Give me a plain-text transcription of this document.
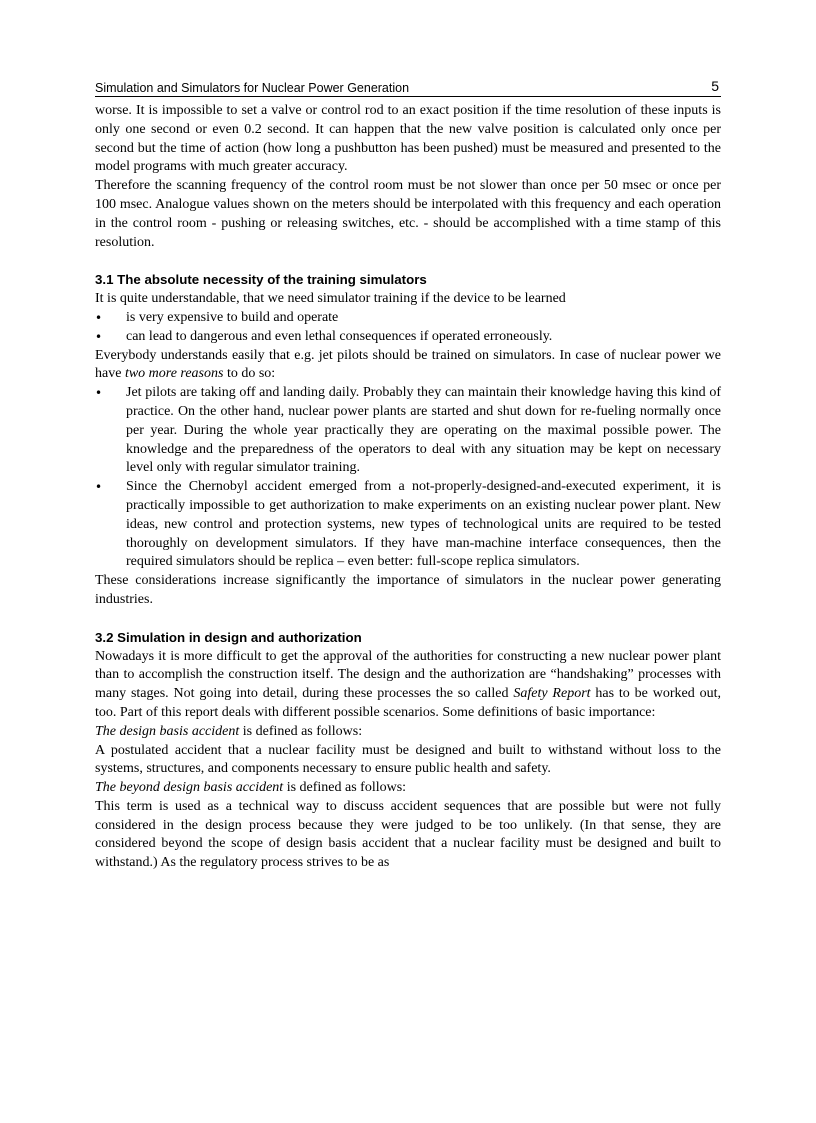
Simulation and Simulators for Nuclear Power Generation	5

worse. It is impossible to set a valve or control rod to an exact position if the time resolution of these inputs is only one second or even 0.2 second. It can happen that the new valve position is calculated only once per second but the time of action (how long a pushbutton has been pushed) must be measured and presented to the model programs with much greater accuracy.

Therefore the scanning frequency of the control room must be not slower than once per 50 msec or once per 100 msec. Analogue values shown on the meters should be interpolated with this frequency and each operation in the control room - pushing or releasing switches, etc. - should be accomplished with a time stamp of this resolution.

3.1 The absolute necessity of the training simulators

It is quite understandable, that we need simulator training if the device to be learned

• is very expensive to build and operate
• can lead to dangerous and even lethal consequences if operated erroneously.

Everybody understands easily that e.g. jet pilots should be trained on simulators. In case of nuclear power we have two more reasons to do so:

• Jet pilots are taking off and landing daily. Probably they can maintain their knowledge having this kind of practice. On the other hand, nuclear power plants are started and shut down for re-fueling normally once per year. During the whole year practically they are operating on the maximal possible power. The knowledge and the preparedness of the operators to deal with any situation may be kept on necessary level only with regular simulator training.
• Since the Chernobyl accident emerged from a not-properly-designed-and-executed experiment, it is practically impossible to get authorization to make experiments on an existing nuclear power plant. New ideas, new control and protection systems, new types of technological units are required to be tested thoroughly on development simulators. If they have man-machine interface consequences, then the required simulators should be replica – even better: full-scope replica simulators.

These considerations increase significantly the importance of simulators in the nuclear power generating industries.

3.2 Simulation in design and authorization

Nowadays it is more difficult to get the approval of the authorities for constructing a new nuclear power plant than to accomplish the construction itself. The design and the authorization are “handshaking” processes with many stages. Not going into detail, during these processes the so called Safety Report has to be worked out, too. Part of this report deals with different possible scenarios. Some definitions of basic importance:

The design basis accident is defined as follows:

A postulated accident that a nuclear facility must be designed and built to withstand without loss to the systems, structures, and components necessary to ensure public health and safety.

The beyond design basis accident is defined as follows:

This term is used as a technical way to discuss accident sequences that are possible but were not fully considered in the design process because they were judged to be too unlikely. (In that sense, they are considered beyond the scope of design basis accident that a nuclear facility must be designed and built to withstand.) As the regulatory process strives to be as
